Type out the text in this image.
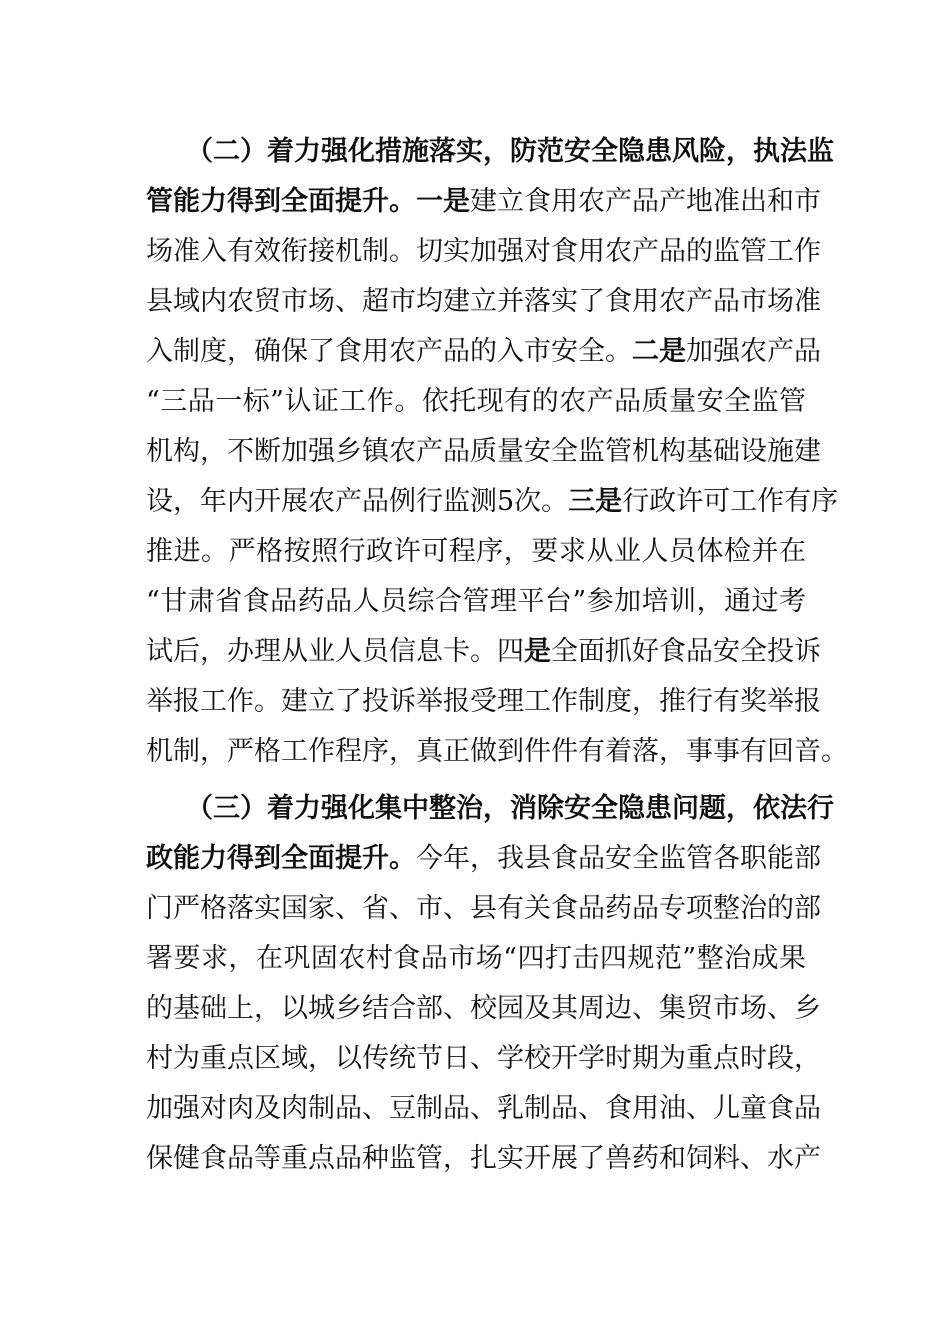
（二）着力强化措施落实，防范安全隐患风险，执法监
管能力得到全面提升。一是建立食用农产品产地准出和市
场准入有效衔接机制。切实加强对食用农产品的监管工作
县域内农贸市场、超市均建立并落实了食用农产品市场准
入制度，确保了食用农产品的入市安全。二是加强农产品
“三品一标”认证工作。依托现有的农产品质量安全监管
机构，不断加强乡镇农产品质量安全监管机构基础设施建
设，年内开展农产品例行监测5次。三是行政许可工作有序
推进。严格按照行政许可程序，要求从业人员体检并在
“甘肃省食品药品人员综合管理平台”参加培训，通过考
试后，办理从业人员信息卡。四是全面抓好食品安全投诉
举报工作。建立了投诉举报受理工作制度，推行有奖举报
机制，严格工作程序，真正做到件件有着落，事事有回音。
（三）着力强化集中整治，消除安全隐患问题，依法行
政能力得到全面提升。今年，我县食品安全监管各职能部
门严格落实国家、省、市、县有关食品药品专项整治的部
署要求，在巩固农村食品市场“四打击四规范”整治成果
的基础上，以城乡结合部、校园及其周边、集贸市场、乡
村为重点区域，以传统节日、学校开学时期为重点时段，
加强对肉及肉制品、豆制品、乳制品、食用油、儿童食品
保健食品等重点品种监管，扎实开展了兽药和饲料、水产
